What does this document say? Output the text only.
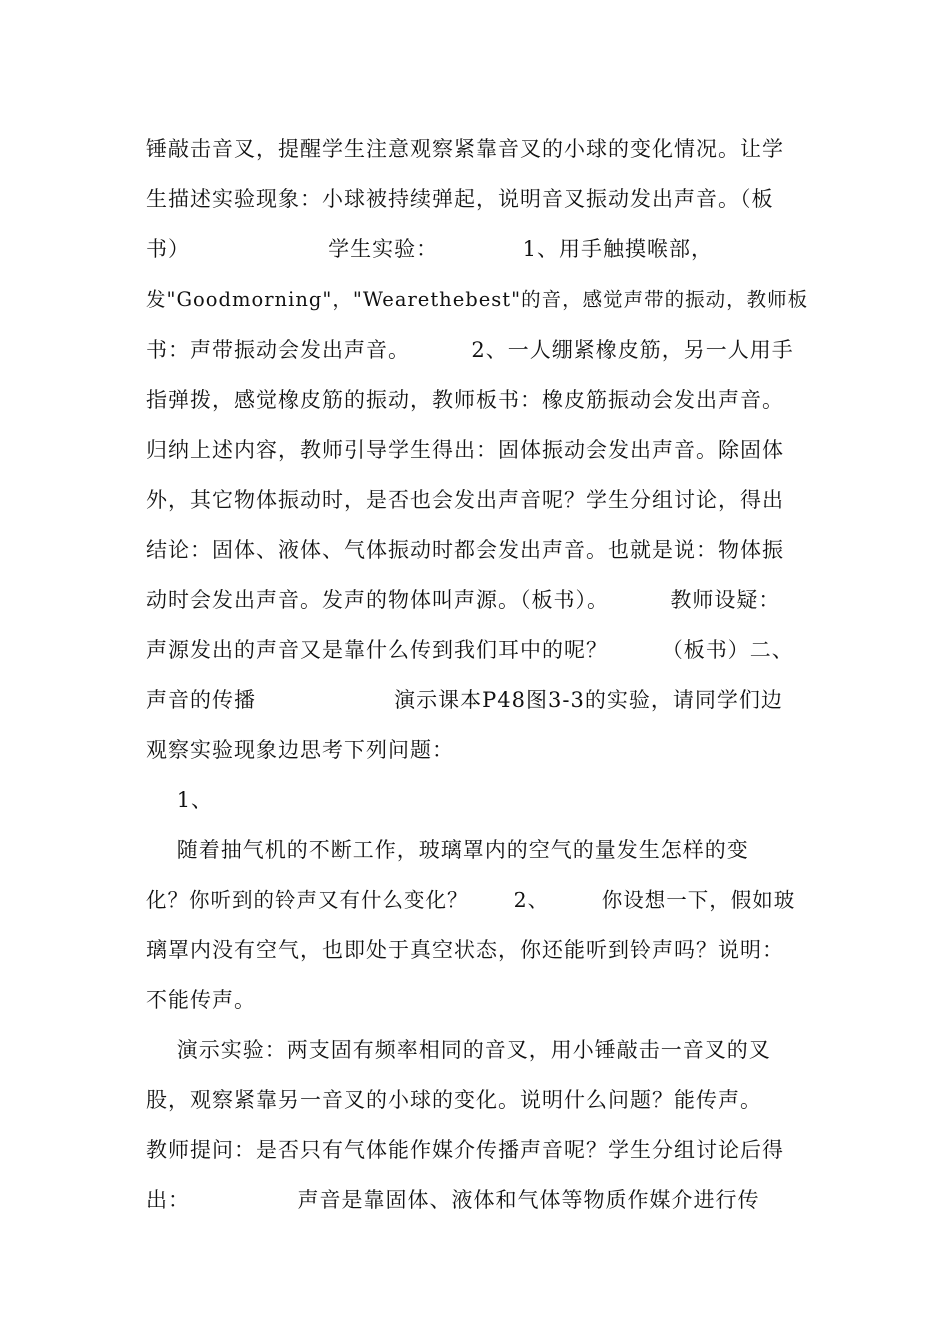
锤敲击音叉，提醒学生注意观察紧靠音叉的小球的变化情况。让学

生描述实验现象：小球被持续弹起，说明音叉振动发出声音。（板

书）                  学生实验：           1、用手触摸喉部，

发"Goodmorning"，"Wearethebest"的音，感觉声带的振动，教师板

书：声带振动会发出声音。        2、一人绷紧橡皮筋，另一人用手

指弹拨，感觉橡皮筋的振动，教师板书：橡皮筋振动会发出声音。

归纳上述内容，教师引导学生得出：固体振动会发出声音。除固体

外，其它物体振动时，是否也会发出声音呢？学生分组讨论，得出

结论：固体、液体、气体振动时都会发出声音。也就是说：物体振

动时会发出声音。发声的物体叫声源。（板书）。        教师设疑：

声源发出的声音又是靠什么传到我们耳中的呢？       （板书）二、

声音的传播                  演示课本P48图3-3的实验，请同学们边

观察实验现象边思考下列问题：

1、

随着抽气机的不断工作，玻璃罩内的空气的量发生怎样的变

化？你听到的铃声又有什么变化？      2、       你设想一下，假如玻

璃罩内没有空气，也即处于真空状态，你还能听到铃声吗？说明：

不能传声。

演示实验：两支固有频率相同的音叉，用小锤敲击一音叉的叉

股，观察紧靠另一音叉的小球的变化。说明什么问题？能传声。

教师提问：是否只有气体能作媒介传播声音呢？学生分组讨论后得

出：              声音是靠固体、液体和气体等物质作媒介进行传
